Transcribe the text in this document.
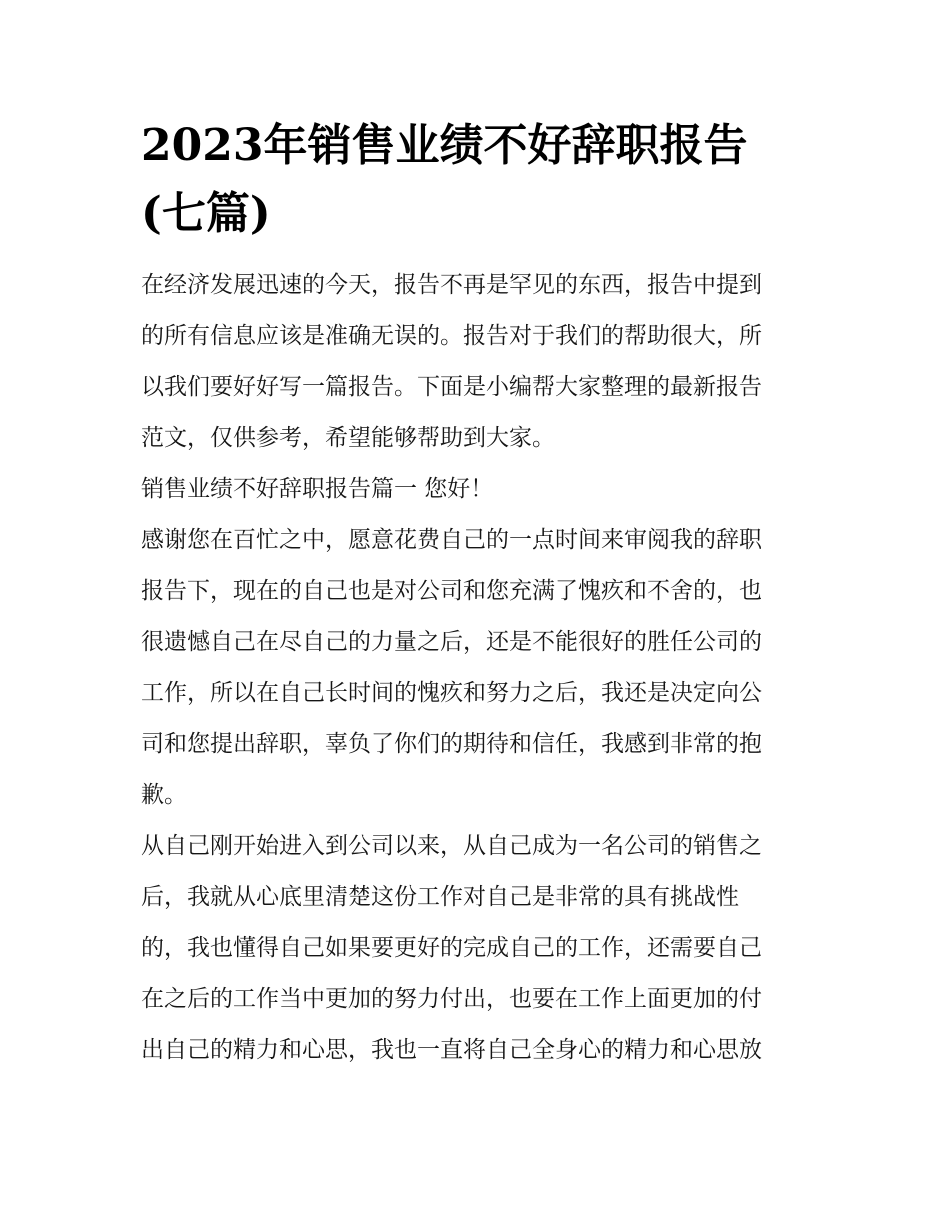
2023年销售业绩不好辞职报告
(七篇)
在经济发展迅速的今天，报告不再是罕见的东西，报告中提到
的所有信息应该是准确无误的。报告对于我们的帮助很大，所
以我们要好好写一篇报告。下面是小编帮大家整理的最新报告
范文，仅供参考，希望能够帮助到大家。
销售业绩不好辞职报告篇一 您好！
感谢您在百忙之中，愿意花费自己的一点时间来审阅我的辞职
报告下，现在的自己也是对公司和您充满了愧疚和不舍的，也
很遗憾自己在尽自己的力量之后，还是不能很好的胜任公司的
工作，所以在自己长时间的愧疚和努力之后，我还是决定向公
司和您提出辞职，辜负了你们的期待和信任，我感到非常的抱
歉。
从自己刚开始进入到公司以来，从自己成为一名公司的销售之
后，我就从心底里清楚这份工作对自己是非常的具有挑战性
的，我也懂得自己如果要更好的完成自己的工作，还需要自己
在之后的工作当中更加的努力付出，也要在工作上面更加的付
出自己的精力和心思，我也一直将自己全身心的精力和心思放
